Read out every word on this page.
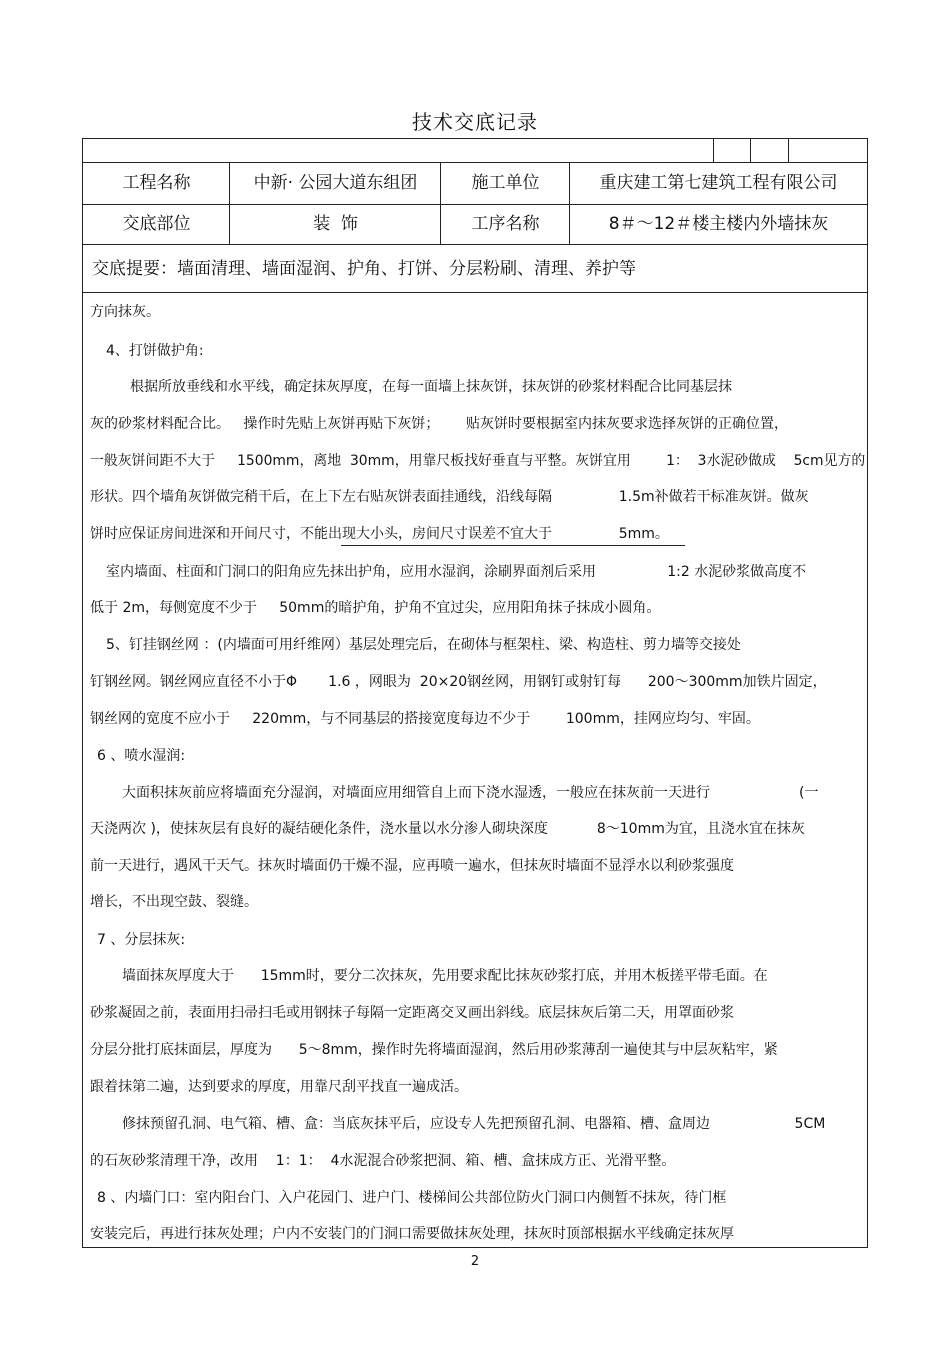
技术交底记录
工程名称	中新· 公园大道东组团	施工单位	重庆建工第七建筑工程有限公司
交底部位	装  饰	工序名称	8＃～12＃楼主楼内外墙抹灰
交底提要：墙面清理、墙面湿润、护角、打饼、分层粉刷、清理、养护等
方向抹灰。
4、打饼做护角:
根据所放垂线和水平线，确定抹灰厚度，在每一面墙上抹灰饼，抹灰饼的砂浆材料配合比同基层抹
灰的砂浆材料配合比。   操作时先贴上灰饼再贴下灰饼；      贴灰饼时要根据室内抹灰要求选择灰饼的正确位置，
一般灰饼间距不大于     1500mm，离地  30mm，用靠尺板找好垂直与平整。灰饼宜用        1：  3水泥砂做成    5cm见方的
形状。四个墙角灰饼做完稍干后，在上下左右贴灰饼表面挂通线，沿线每隔               1.5m补做若干标准灰饼。做灰
饼时应保证房间进深和开间尺寸，不能出现大小头，房间尺寸误差不宜大于               5mm。
室内墙面、柱面和门洞口的阳角应先抹出护角，应用水湿润，涂刷界面剂后采用                1:2 水泥砂浆做高度不
低于 2m，每侧宽度不少于     50mm的暗护角，护角不宜过尖，应用阳角抹子抹成小圆角。
5、钉挂钢丝网 ：(内墙面可用纤维网）基层处理完后，在砌体与框架柱、梁、构造柱、剪力墙等交接处
钉钢丝网。钢丝网应直径不小于Φ       1.6 ，网眼为  20×20钢丝网，用钢钉或射钉每      200～300mm加铁片固定，
钢丝网的宽度不应小于     220mm，与不同基层的搭接宽度每边不少于        100mm，挂网应均匀、牢固。
6 、喷水湿润:
大面积抹灰前应将墙面充分湿润，对墙面应用细管自上而下浇水湿透，一般应在抹灰前一天进行                    (一
天浇两次 )，使抹灰层有良好的凝结硬化条件，浇水量以水分渗人砌块深度           8～10mm为宜，且浇水宜在抹灰
前一天进行，遇风干天气。抹灰时墙面仍干燥不湿，应再喷一遍水，但抹灰时墙面不显浮水以利砂浆强度
增长，不出现空鼓、裂缝。
7 、分层抹灰:
墙面抹灰厚度大于      15mm时，要分二次抹灰，先用要求配比抹灰砂浆打底，并用木板搓平带毛面。在
砂浆凝固之前，表面用扫帚扫毛或用钢抹子每隔一定距离交叉画出斜线。底层抹灰后第二天，用罩面砂浆
分层分批打底抹面层，厚度为      5～8mm，操作时先将墙面湿润，然后用砂浆薄刮一遍使其与中层灰粘牢，紧
跟着抹第二遍，达到要求的厚度，用靠尺刮平找直一遍成活。
修抹预留孔洞、电气箱、槽、盒：当底灰抹平后，应设专人先把预留孔洞、电器箱、槽、盒周边                   5CM
的石灰砂浆清理干净，改用    1：1：  4水泥混合砂浆把洞、箱、槽、盒抹成方正、光滑平整。
8 、内墙门口：室内阳台门、入户花园门、进户门、楼梯间公共部位防火门洞口内侧暂不抹灰，待门框
安装完后，再进行抹灰处理；户内不安装门的门洞口需要做抹灰处理，抹灰时顶部根据水平线确定抹灰厚
2
